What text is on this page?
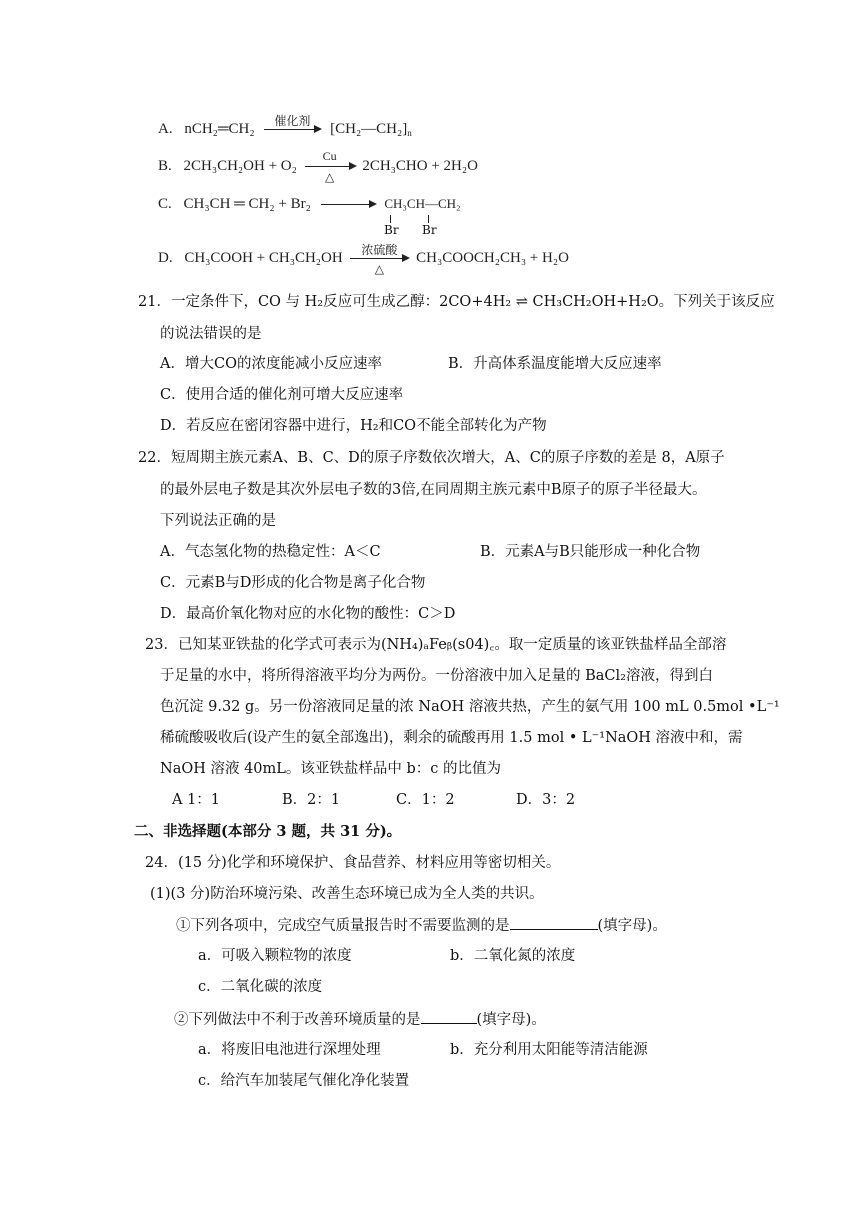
A. nCH₂═CH₂
催化剂
$[CH_2—CH_2]_n$
B. 2CH₃CH₂OH + O₂
Cu
△
2CH₃CHO + 2H₂O
C. CH₃CH ═ CH₂ + Br₂	CH₃CH—CH₂
Br Br
D. CH₃COOH + CH₃CH₂OH
浓硫酸
△
CH₃COOCH₂CH₃ + H₂O
21．一定条件下，CO 与 H₂反应可生成乙醇：2CO+4H₂ ⇌ CH₃CH₂OH+H₂O。下列关于该反应
的说法错误的是
A．增大CO的浓度能减小反应速率	B．升高体系温度能增大反应速率
C．使用合适的催化剂可增大反应速率
D．若反应在密闭容器中进行，H₂和CO不能全部转化为产物
22．短周期主族元素A、B、C、D的原子序数依次增大，A、C的原子序数的差是 8，A原子
的最外层电子数是其次外层电子数的3倍,在同周期主族元素中B原子的原子半径最大。
下列说法正确的是
A．气态氢化物的热稳定性：A＜C	B．元素A与B只能形成一种化合物
C．元素B与D形成的化合物是离子化合物
D．最高价氧化物对应的水化物的酸性：C＞D
23．已知某亚铁盐的化学式可表示为(NH₄)ₐFeᵦ(s04)꜀。取一定质量的该亚铁盐样品全部溶
于足量的水中，将所得溶液平均分为两份。一份溶液中加入足量的 BaCl₂溶液，得到白
色沉淀 9.32 g。另一份溶液同足量的浓 NaOH 溶液共热，产生的氨气用 100 mL 0.5mol •L⁻¹
稀硫酸吸收后(设产生的氨全部逸出)，剩余的硫酸再用 1.5 mol • L⁻¹NaOH 溶液中和，需
NaOH 溶液 40mL。该亚铁盐样品中 b：c 的比值为
A 1：1	B．2：1	C．1：2	D．3：2
二、非选择题(本部分 3 题，共 31 分)。
24．(15 分)化学和环境保护、食品营养、材料应用等密切相关。
(1)(3 分)防治环境污染、改善生态环境已成为全人类的共识。
①下列各项中，完成空气质量报告时不需要监测的是	(填字母)。
a．可吸入颗粒物的浓度	b．二氧化氮的浓度
c．二氧化碳的浓度
②下列做法中不利于改善环境质量的是	(填字母)。
a．将废旧电池进行深埋处理	b．充分利用太阳能等清洁能源
c．给汽车加装尾气催化净化装置
